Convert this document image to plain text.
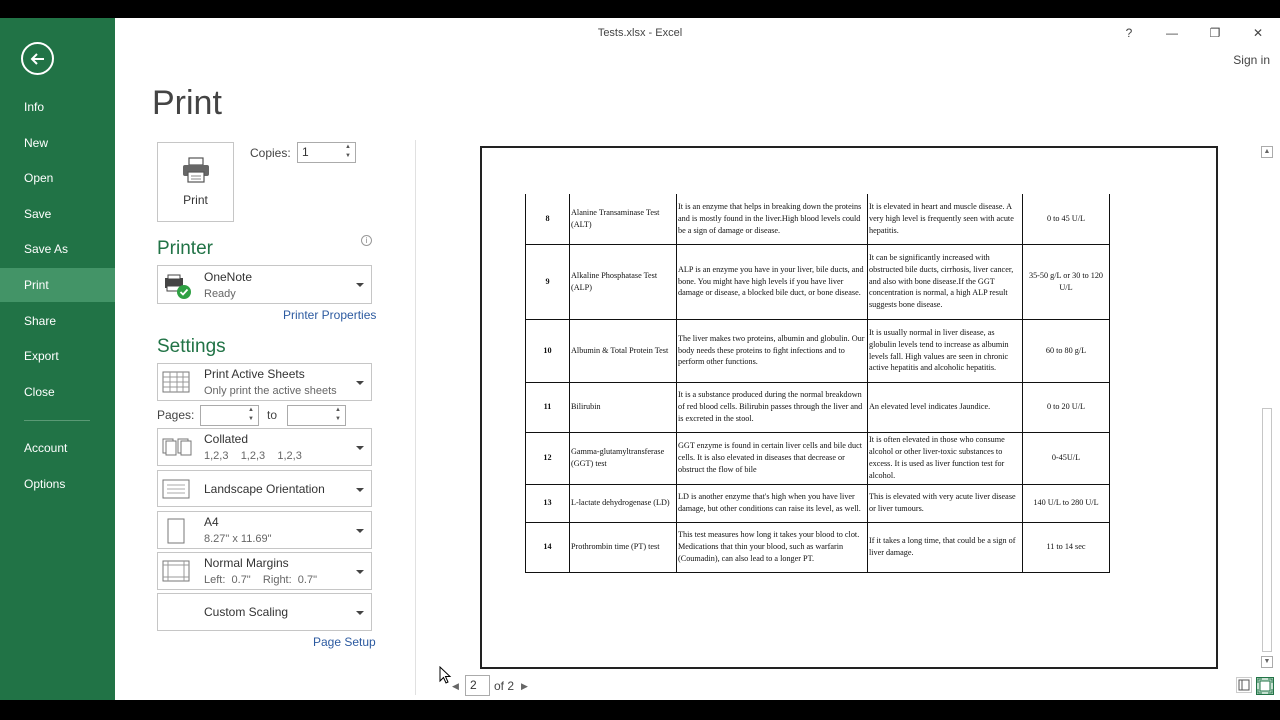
Info
New
Open
Save
Save As
Print
Share
Export
Close
Account
Options
Tests.xlsx - Excel	?	—	❐	✕
Sign in
Print
Print
Copies: 1	▲
▼
Printer	i
OneNote
Ready
Printer Properties
Settings
Print Active Sheets
Only print the active sheets
Pages:	▲
▼	to	▲
▼
Collated
1,2,3    1,2,3    1,2,3
Landscape Orientation
A4
8.27" x 11.69"
Normal Margins
Left:  0.7"    Right:  0.7"
Custom Scaling
Page Setup
8	Alanine Transaminase Test (ALT)	It is an enzyme that helps in breaking down the proteins and is mostly found in the liver.High blood levels could be a sign of damage or disease.	It is elevated in heart and muscle disease. A very high level is frequently seen with acute hepatitis.	0 to 45 U/L
9	Alkaline Phosphatase Test (ALP)	ALP is an enzyme you have in your liver, bile ducts, and bone. You might have high levels if you have liver damage or disease, a blocked bile duct, or bone disease.	It can be significantly increased with obstructed bile ducts, cirrhosis, liver cancer, and also with bone disease.If the GGT concentration is normal, a high ALP result suggests bone disease.	35-50 g/L or 30 to 120 U/L
10	Albumin & Total Protein Test	The liver makes two proteins, albumin and globulin. Our body needs these proteins to fight infections and to perform other functions.	It is usually normal in liver disease, as globulin levels tend to increase as albumin levels fall. High values are seen in chronic active hepatitis and alcoholic hepatitis.	60 to 80 g/L
11	Bilirubin	It is a substance produced during the normal breakdown of red blood cells. Bilirubin passes through the liver and is excreted in the stool.	An elevated level indicates Jaundice.	0 to 20 U/L
12	Gamma-glutamyltransferase (GGT) test	GGT enzyme is found in certain liver cells and bile duct cells. It is also elevated in diseases that decrease or obstruct the flow of bile	It is often elevated in those who consume alcohol or other liver-toxic substances to excess. It is used as liver function test for alcohol.	0-45U/L
13	L-lactate dehydrogenase (LD)	LD is another enzyme that's high when you have liver damage, but other conditions can raise its level, as well.	This is elevated with very acute liver disease or liver tumours.	140 U/L to 280 U/L
14	Prothrombin time (PT) test	This test measures how long it takes your blood to clot. Medications that thin your blood, such as warfarin (Coumadin), can also lead to a longer PT.	If it takes a long time, that could be a sign of liver damage.	11 to 14 sec
▲
▼
◀ 2	of 2 ▶
